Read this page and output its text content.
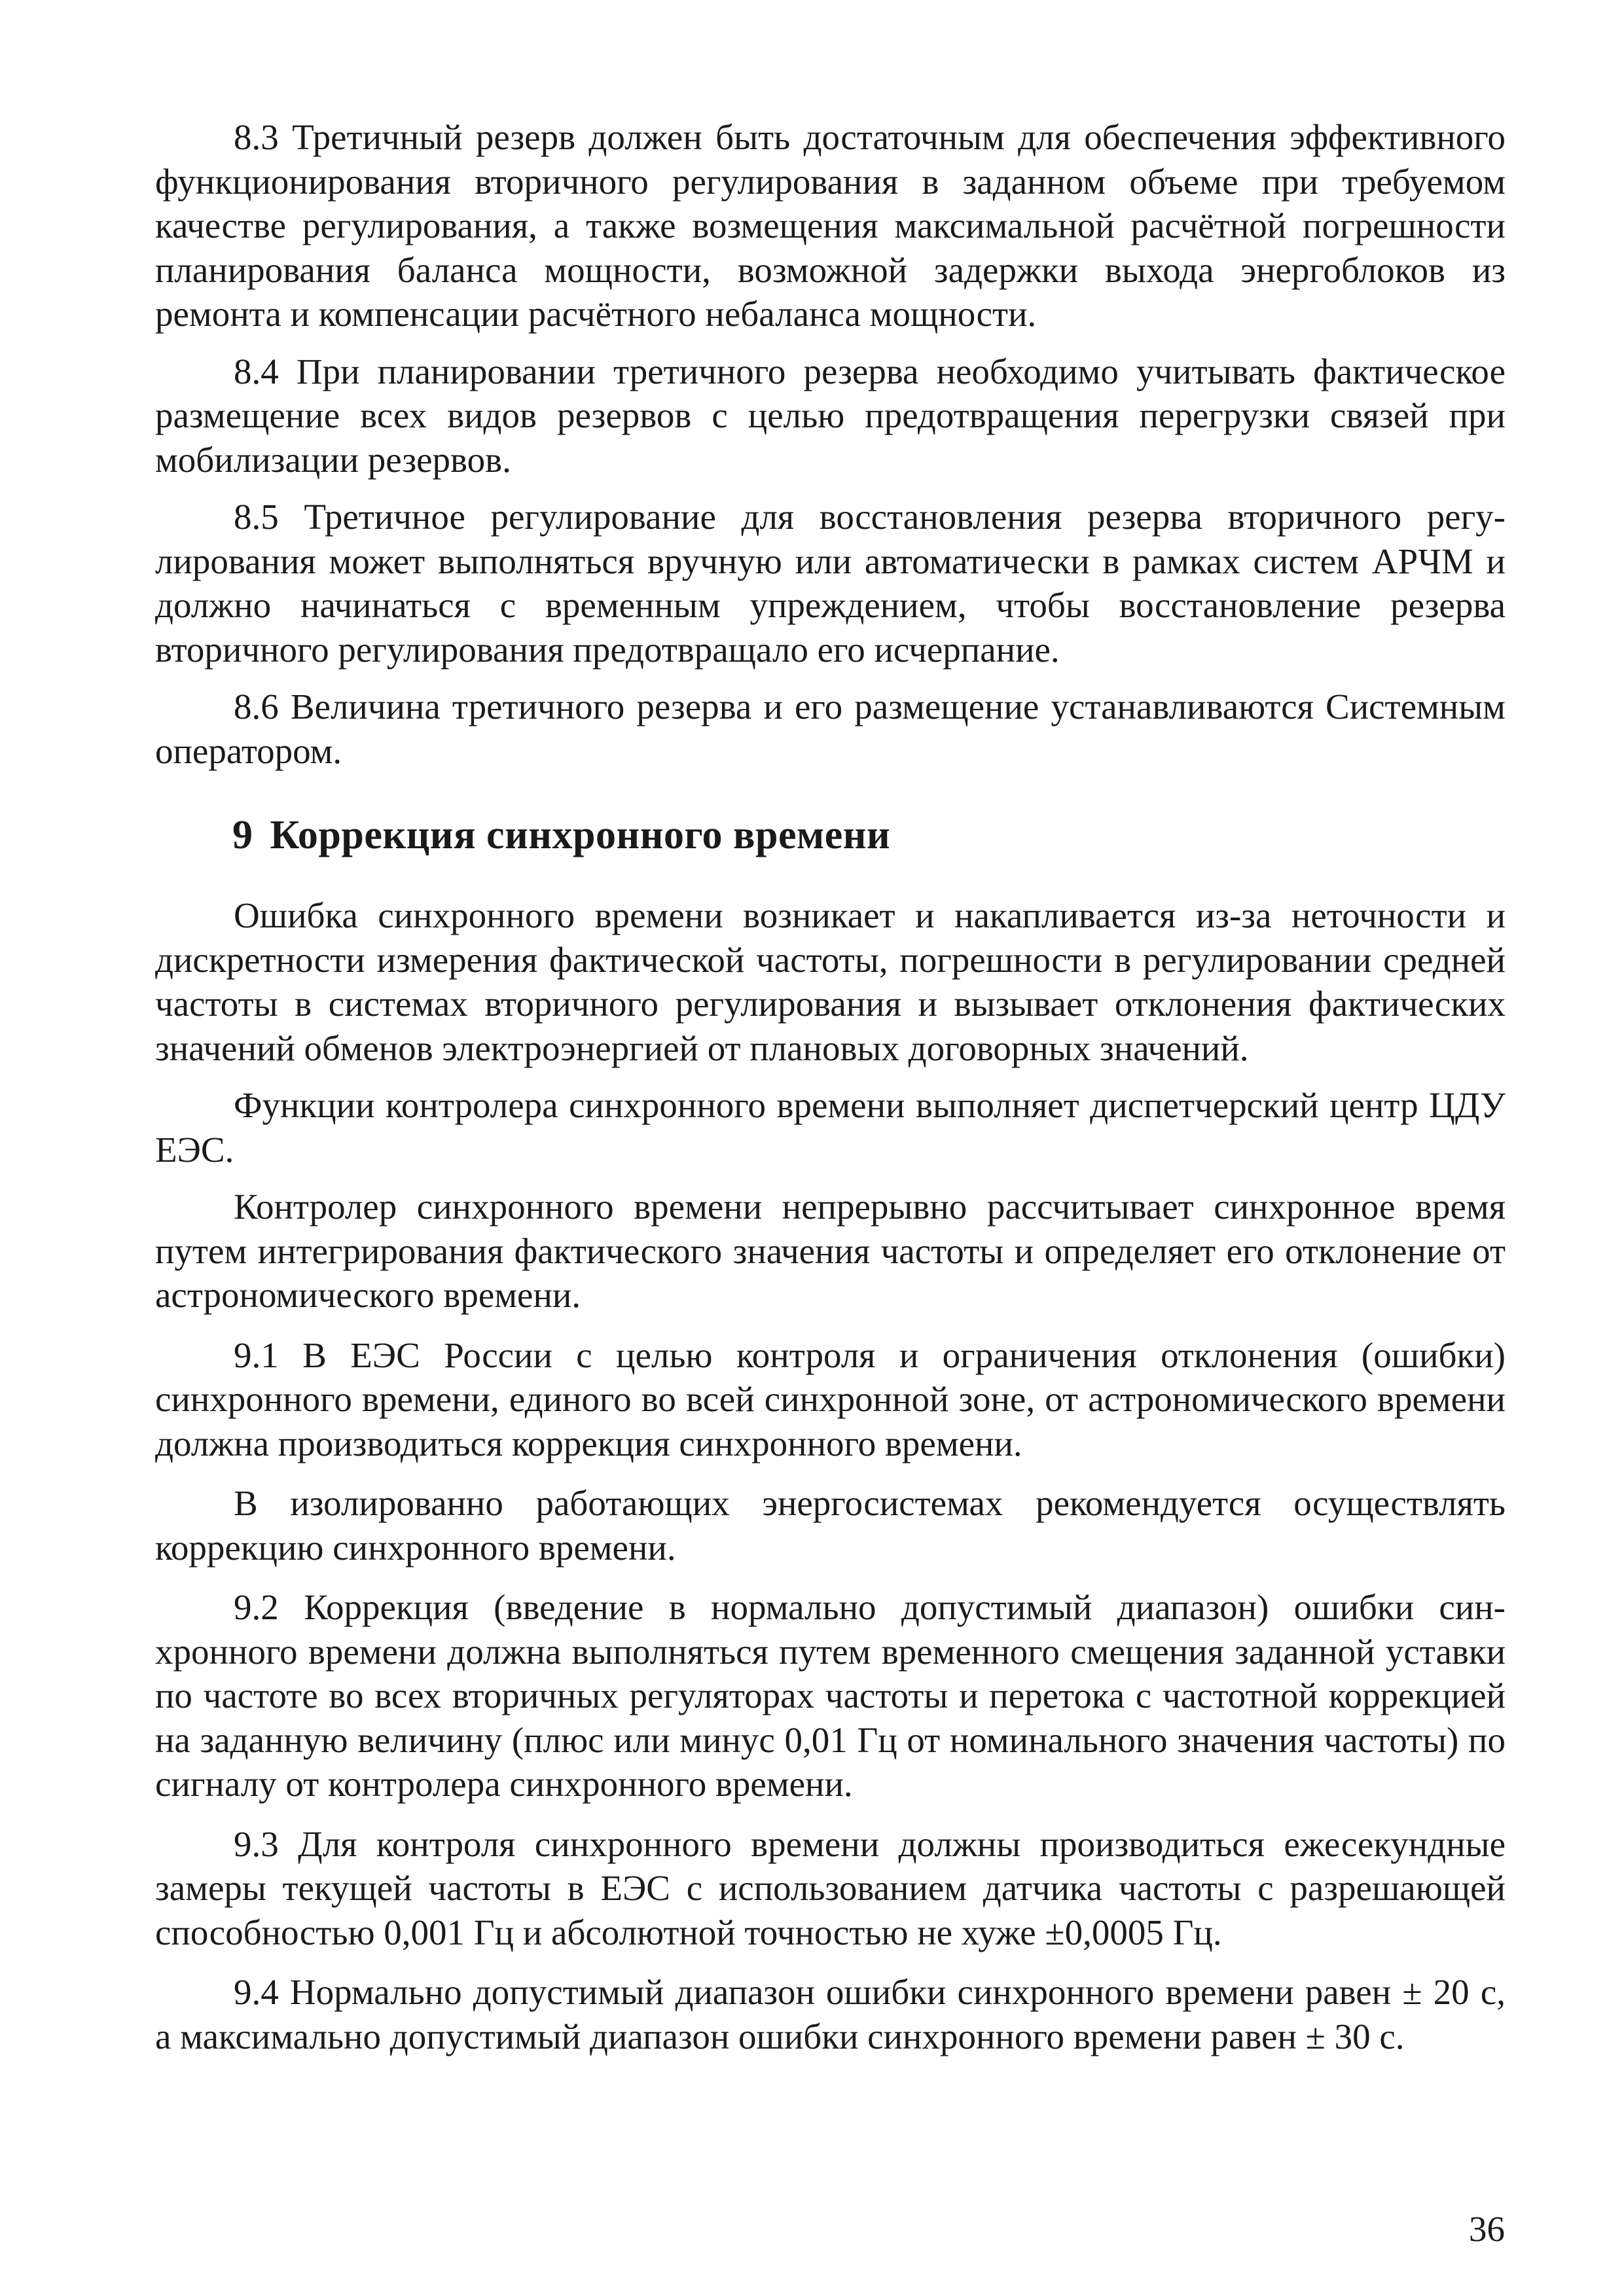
8.3 Третичный резерв должен быть достаточным для обеспечения эффективного функционирования вторичного регулирования в заданном объеме при требуемом качестве регулирования, а также возмещения максимальной расчётной погрешности планирования баланса мощности, возможной задержки выхода энергоблоков из ремонта и компенсации расчётного небаланса мощности.

8.4 При планировании третичного резерва необходимо учитывать фактическое размещение всех видов резервов с целью предотвращения перегрузки связей при мобилизации резервов.

8.5 Третичное регулирование для восстановления резерва вторичного регулирования может выполняться вручную или автоматически в рамках систем АРЧМ и должно начинаться с временным упреждением, чтобы восстановление резерва вторичного регулирования предотвращало его исчерпание.

8.6 Величина третичного резерва и его размещение устанавливаются Системным оператором.

9 Коррекция синхронного времени

Ошибка синхронного времени возникает и накапливается из-за неточности и дискретности измерения фактической частоты, погрешности в регулировании средней частоты в системах вторичного регулирования и вызывает отклонения фактических значений обменов электроэнергией от плановых договорных значений.

Функции контролера синхронного времени выполняет диспетчерский центр ЦДУ ЕЭС.

Контролер синхронного времени непрерывно рассчитывает синхронное время путем интегрирования фактического значения частоты и определяет его отклонение от астрономического времени.

9.1 В ЕЭС России с целью контроля и ограничения отклонения (ошибки) синхронного времени, единого во всей синхронной зоне, от астрономического времени должна производиться коррекция синхронного времени.

В изолированно работающих энергосистемах рекомендуется осуществлять коррекцию синхронного времени.

9.2 Коррекция (введение в нормально допустимый диапазон) ошибки синхронного времени должна выполняться путем временного смещения заданной уставки по частоте во всех вторичных регуляторах частоты и перетока с частотной коррекцией на заданную величину (плюс или минус 0,01 Гц от номинального значения частоты) по сигналу от контролера синхронного времени.

9.3 Для контроля синхронного времени должны производиться ежесекундные замеры текущей частоты в ЕЭС с использованием датчика частоты с разрешающей способностью 0,001 Гц и абсолютной точностью не хуже ±0,0005 Гц.

9.4 Нормально допустимый диапазон ошибки синхронного времени равен ± 20 с, а максимально допустимый диапазон ошибки синхронного времени равен ± 30 с.

36
